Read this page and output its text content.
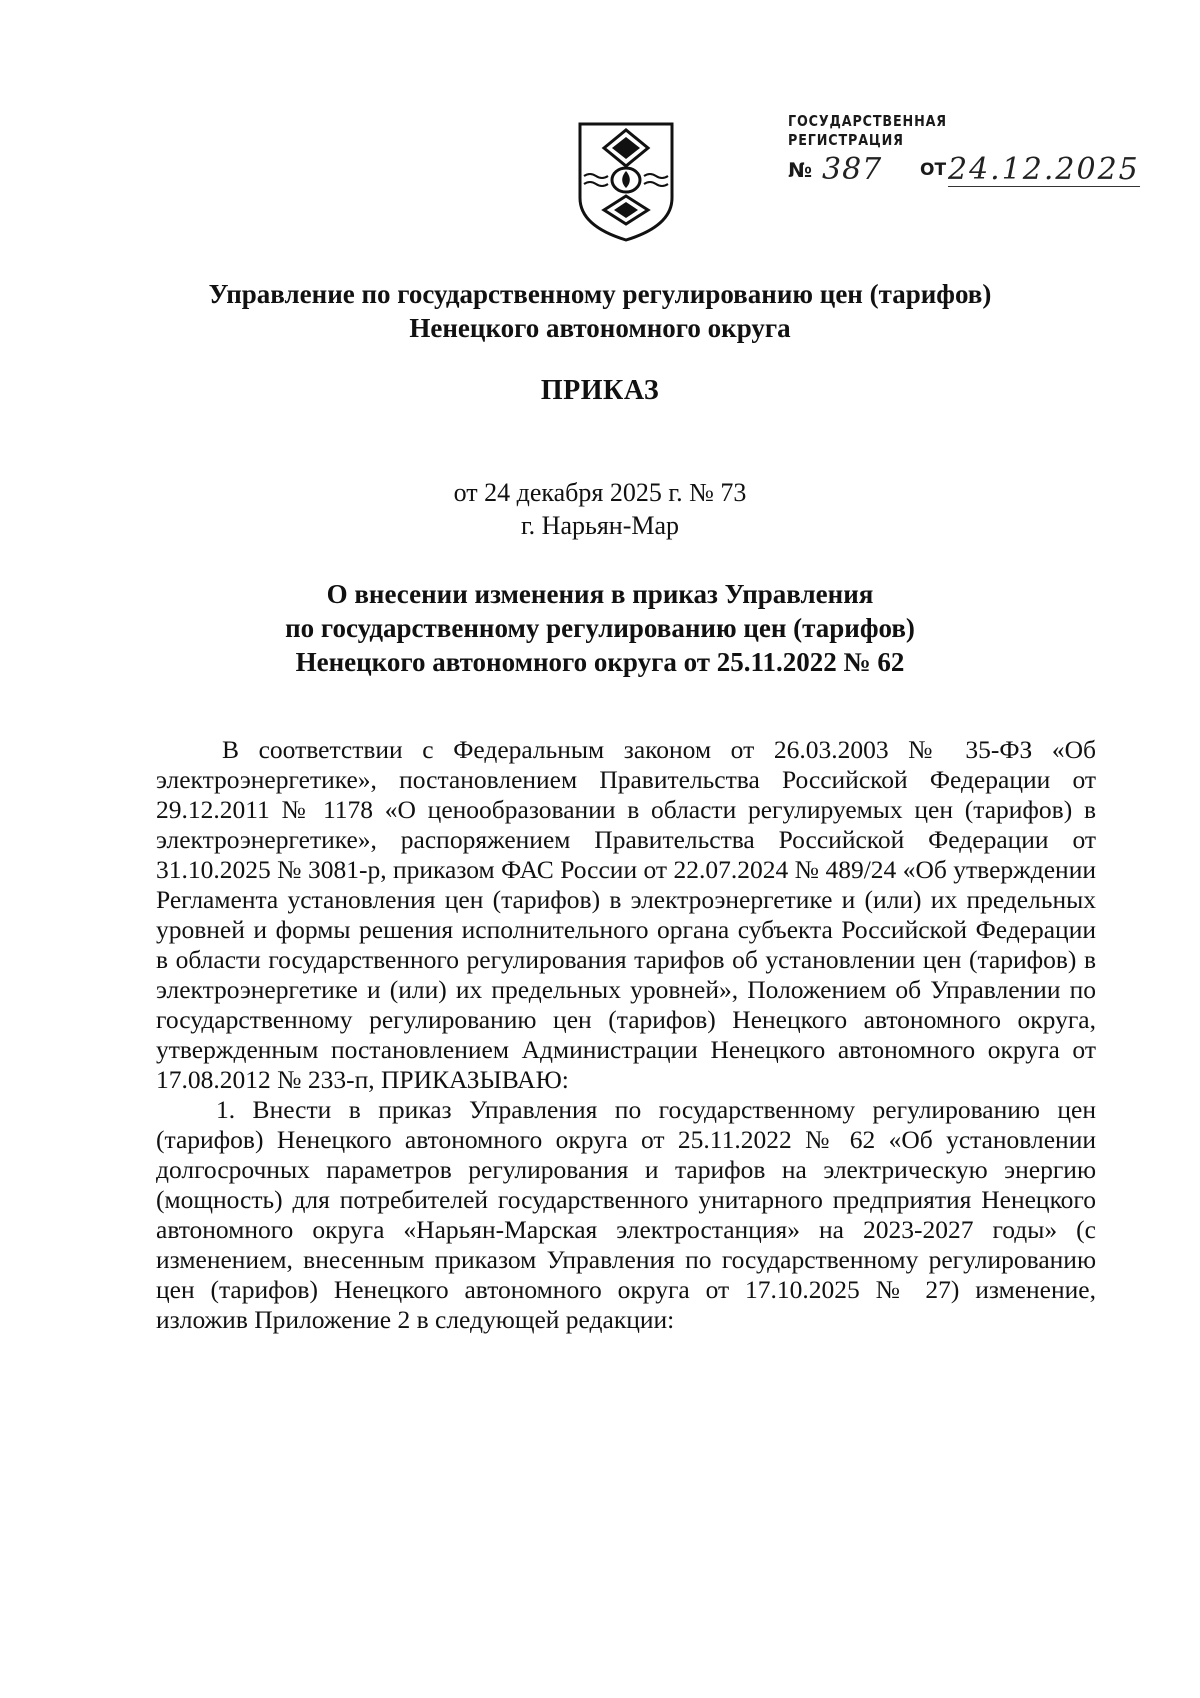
ГОСУДАРСТВЕННАЯ
РЕГИСТРАЦИЯ
№ 387 ОТ 24.12.2025
Управление по государственному регулированию цен (тарифов)
Ненецкого автономного округа
ПРИКАЗ
от 24 декабря 2025 г. № 73
г. Нарьян-Мар
О внесении изменения в приказ Управления
по государственному регулированию цен (тарифов)
Ненецкого автономного округа от 25.11.2022 № 62

В соответствии с Федеральным законом от 26.03.2003 № 35-ФЗ «Об электроэнергетике», постановлением Правительства Российской Федерации от 29.12.2011 № 1178 «О ценообразовании в области регулируемых цен (тарифов) в электроэнергетике», распоряжением Правительства Российской Федерации от 31.10.2025 № 3081-р, приказом ФАС России от 22.07.2024 № 489/24 «Об утверждении Регламента установления цен (тарифов) в электроэнергетике и (или) их предельных уровней и формы решения исполнительного органа субъекта Российской Федерации в области государственного регулирования тарифов об установлении цен (тарифов) в электроэнергетике и (или) их предельных уровней», Положением об Управлении по государственному регулированию цен (тарифов) Ненецкого автономного округа, утвержденным постановлением Администрации Ненецкого автономного округа от 17.08.2012 № 233-п, ПРИКАЗЫВАЮ:

1. Внести в приказ Управления по государственному регулированию цен (тарифов) Ненецкого автономного округа от 25.11.2022 № 62 «Об установлении долгосрочных параметров регулирования и тарифов на электрическую энергию (мощность) для потребителей государственного унитарного предприятия Ненецкого автономного округа «Нарьян-Марская электростанция» на 2023-2027 годы» (с изменением, внесенным приказом Управления по государственному регулированию цен (тарифов) Ненецкого автономного округа от 17.10.2025 № 27) изменение, изложив Приложение 2 в следующей редакции:
